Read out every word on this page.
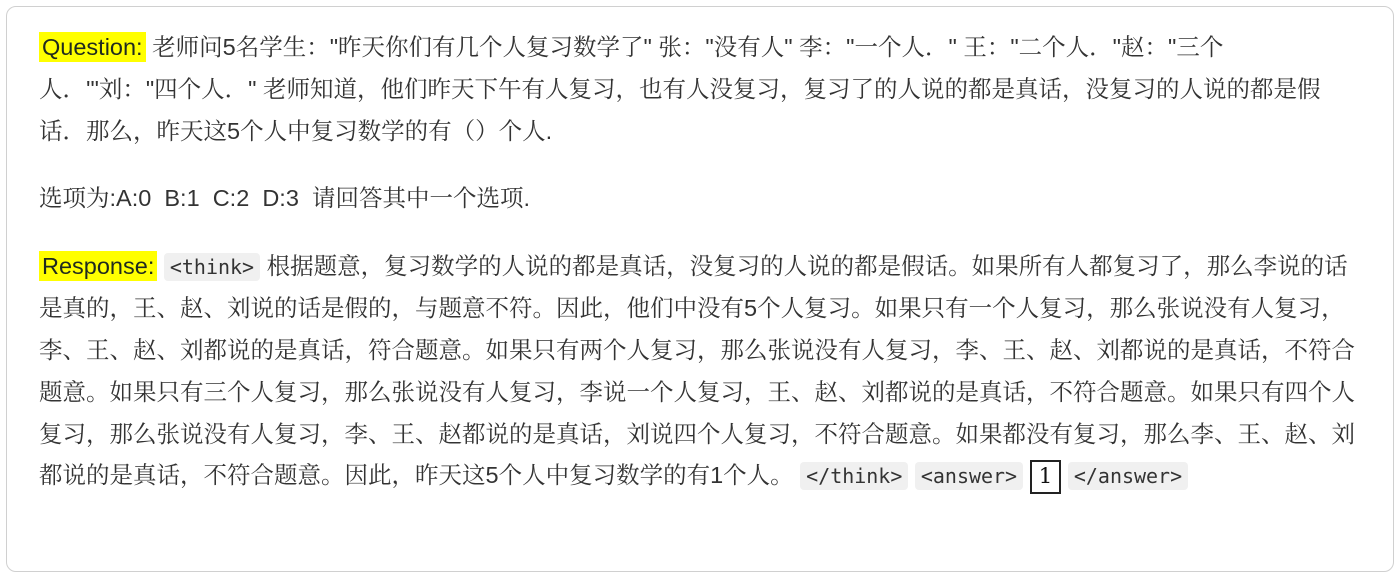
Question: 老师问5名学生："昨天你们有几个人复习数学了" 张："没有人" 李："一个人．" 王："二个人．"赵："三个人．'"刘："四个人．" 老师知道，他们昨天下午有人复习，也有人没复习，复习了的人说的都是真话，没复习的人说的都是假话．那么，昨天这5个人中复习数学的有（）个人.

选项为:A:0  B:1  C:2  D:3  请回答其中一个选项.

Response: <think> 根据题意，复习数学的人说的都是真话，没复习的人说的都是假话。如果所有人都复习了，那么李说的话是真的，王、赵、刘说的话是假的，与题意不符。因此，他们中没有5个人复习。如果只有一个人复习，那么张说没有人复习，李、王、赵、刘都说的是真话，符合题意。如果只有两个人复习，那么张说没有人复习，李、王、赵、刘都说的是真话，不符合题意。如果只有三个人复习，那么张说没有人复习，李说一个人复习，王、赵、刘都说的是真话，不符合题意。如果只有四个人复习，那么张说没有人复习，李、王、赵都说的是真话，刘说四个人复习，不符合题意。如果都没有复习，那么李、王、赵、刘都说的是真话，不符合题意。因此，昨天这5个人中复习数学的有1个人。 </think> <answer> 1 </answer>
